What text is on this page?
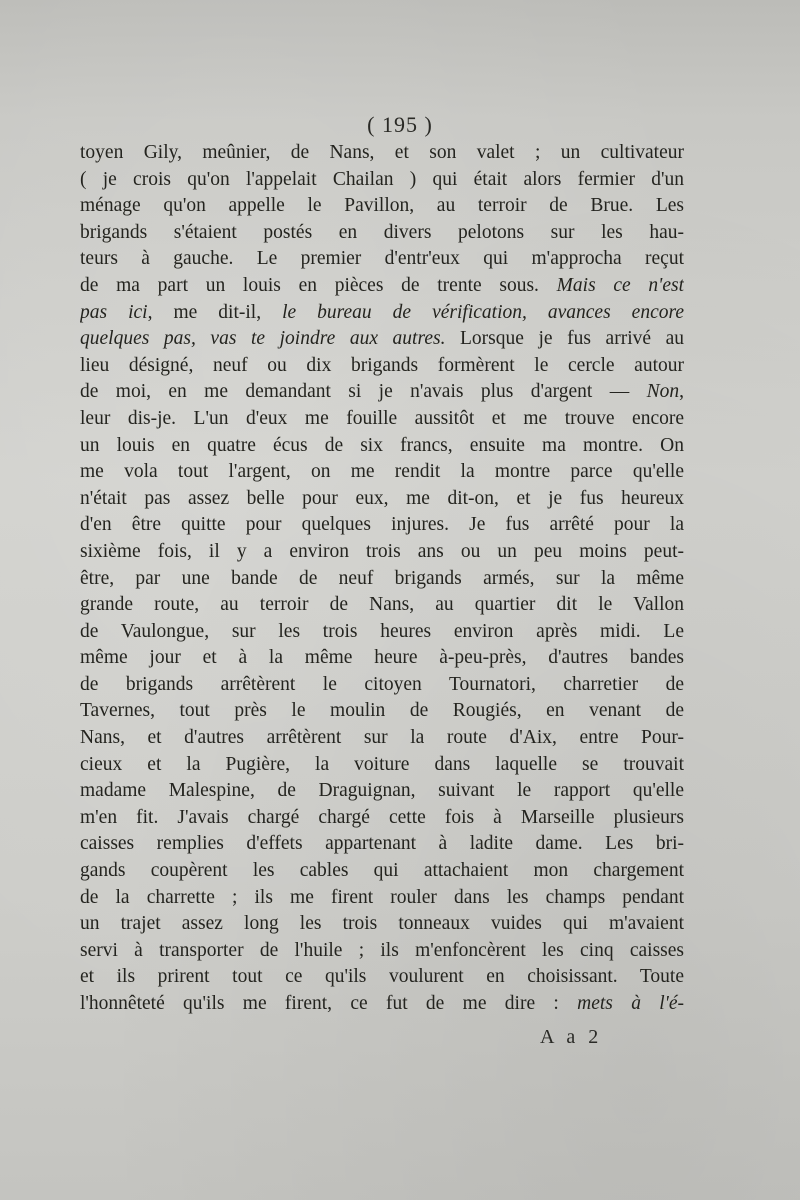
( 195 )
toyen Gily, meûnier, de Nans, et son valet ; un cultivateur
( je crois qu'on l'appelait Chailan ) qui était alors fermier d'un
ménage qu'on appelle le Pavillon, au terroir de Brue. Les
brigands s'étaient postés en divers pelotons sur les hau-
teurs à gauche. Le premier d'entr'eux qui m'approcha reçut
de ma part un louis en pièces de trente sous. Mais ce n'est
pas ici, me dit-il, le bureau de vérification, avances encore
quelques pas, vas te joindre aux autres. Lorsque je fus arrivé au
lieu désigné, neuf ou dix brigands formèrent le cercle autour
de moi, en me demandant si je n'avais plus d'argent — Non,
leur dis-je. L'un d'eux me fouille aussitôt et me trouve encore
un louis en quatre écus de six francs, ensuite ma montre. On
me vola tout l'argent, on me rendit la montre parce qu'elle
n'était pas assez belle pour eux, me dit-on, et je fus heureux
d'en être quitte pour quelques injures. Je fus arrêté pour la
sixième fois, il y a environ trois ans ou un peu moins peut-
être, par une bande de neuf brigands armés, sur la même
grande route, au terroir de Nans, au quartier dit le Vallon
de Vaulongue, sur les trois heures environ après midi. Le
même jour et à la même heure à-peu-près, d'autres bandes
de brigands arrêtèrent le citoyen Tournatori, charretier de
Tavernes, tout près le moulin de Rougiés, en venant de
Nans, et d'autres arrêtèrent sur la route d'Aix, entre Pour-
cieux et la Pugière, la voiture dans laquelle se trouvait
madame Malespine, de Draguignan, suivant le rapport qu'elle
m'en fit. J'avais chargé chargé cette fois à Marseille plusieurs
caisses remplies d'effets appartenant à ladite dame. Les bri-
gands coupèrent les cables qui attachaient mon chargement
de la charrette ; ils me firent rouler dans les champs pendant
un trajet assez long les trois tonneaux vuides qui m'avaient
servi à transporter de l'huile ; ils m'enfoncèrent les cinq caisses
et ils prirent tout ce qu'ils voulurent en choisissant. Toute
l'honnêteté qu'ils me firent, ce fut de me dire : mets à l'é-
A a 2
